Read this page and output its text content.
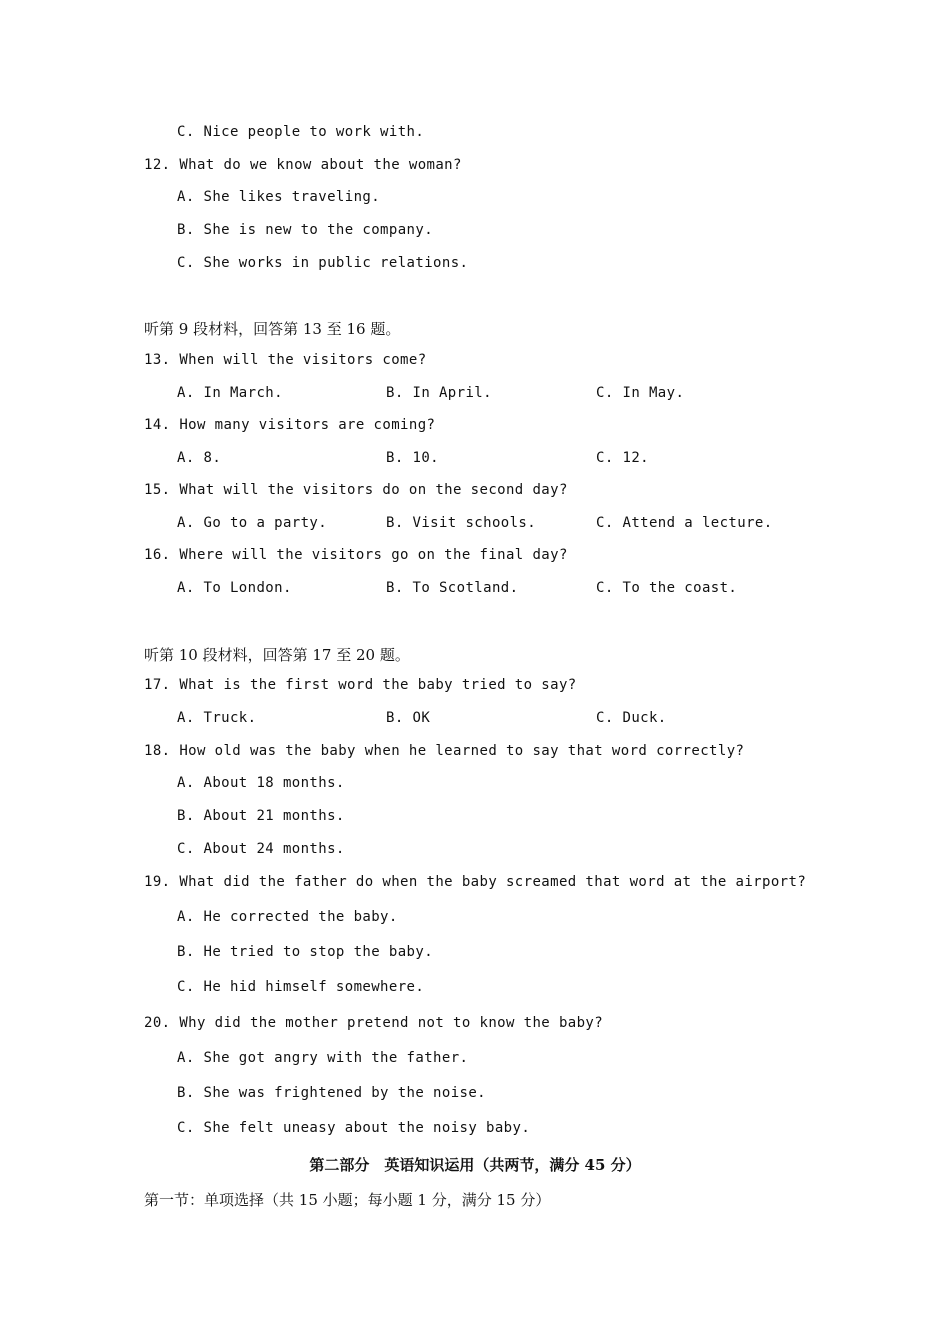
C. Nice people to work with.
12. What do we know about the woman?
A. She likes traveling.
B. She is new to the company.
C. She works in public relations.
听第 9 段材料，回答第 13 至 16 题。
13. When will the visitors come?
A. In March.	B. In April.	C. In May.
14. How many visitors are coming?
A. 8.	B. 10.	C. 12.
15. What will the visitors do on the second day?
A. Go to a party.	B. Visit schools.	C. Attend a lecture.
16. Where will the visitors go on the final day?
A. To London.	B. To Scotland.	C. To the coast.
听第 10 段材料，回答第 17 至 20 题。
17. What is the first word the baby tried to say?
A. Truck.	B. OK	C. Duck.
18. How old was the baby when he learned to say that word correctly?
A. About 18 months.
B. About 21 months.
C. About 24 months.
19. What did the father do when the baby screamed that word at the airport?
A. He corrected the baby.
B. He tried to stop the baby.
C. He hid himself somewhere.
20. Why did the mother pretend not to know the baby?
A. She got angry with the father.
B. She was frightened by the noise.
C. She felt uneasy about the noisy baby.
第二部分　英语知识运用（共两节，满分 45 分）
第一节：单项选择（共 15 小题；每小题 1 分，满分 15 分）
